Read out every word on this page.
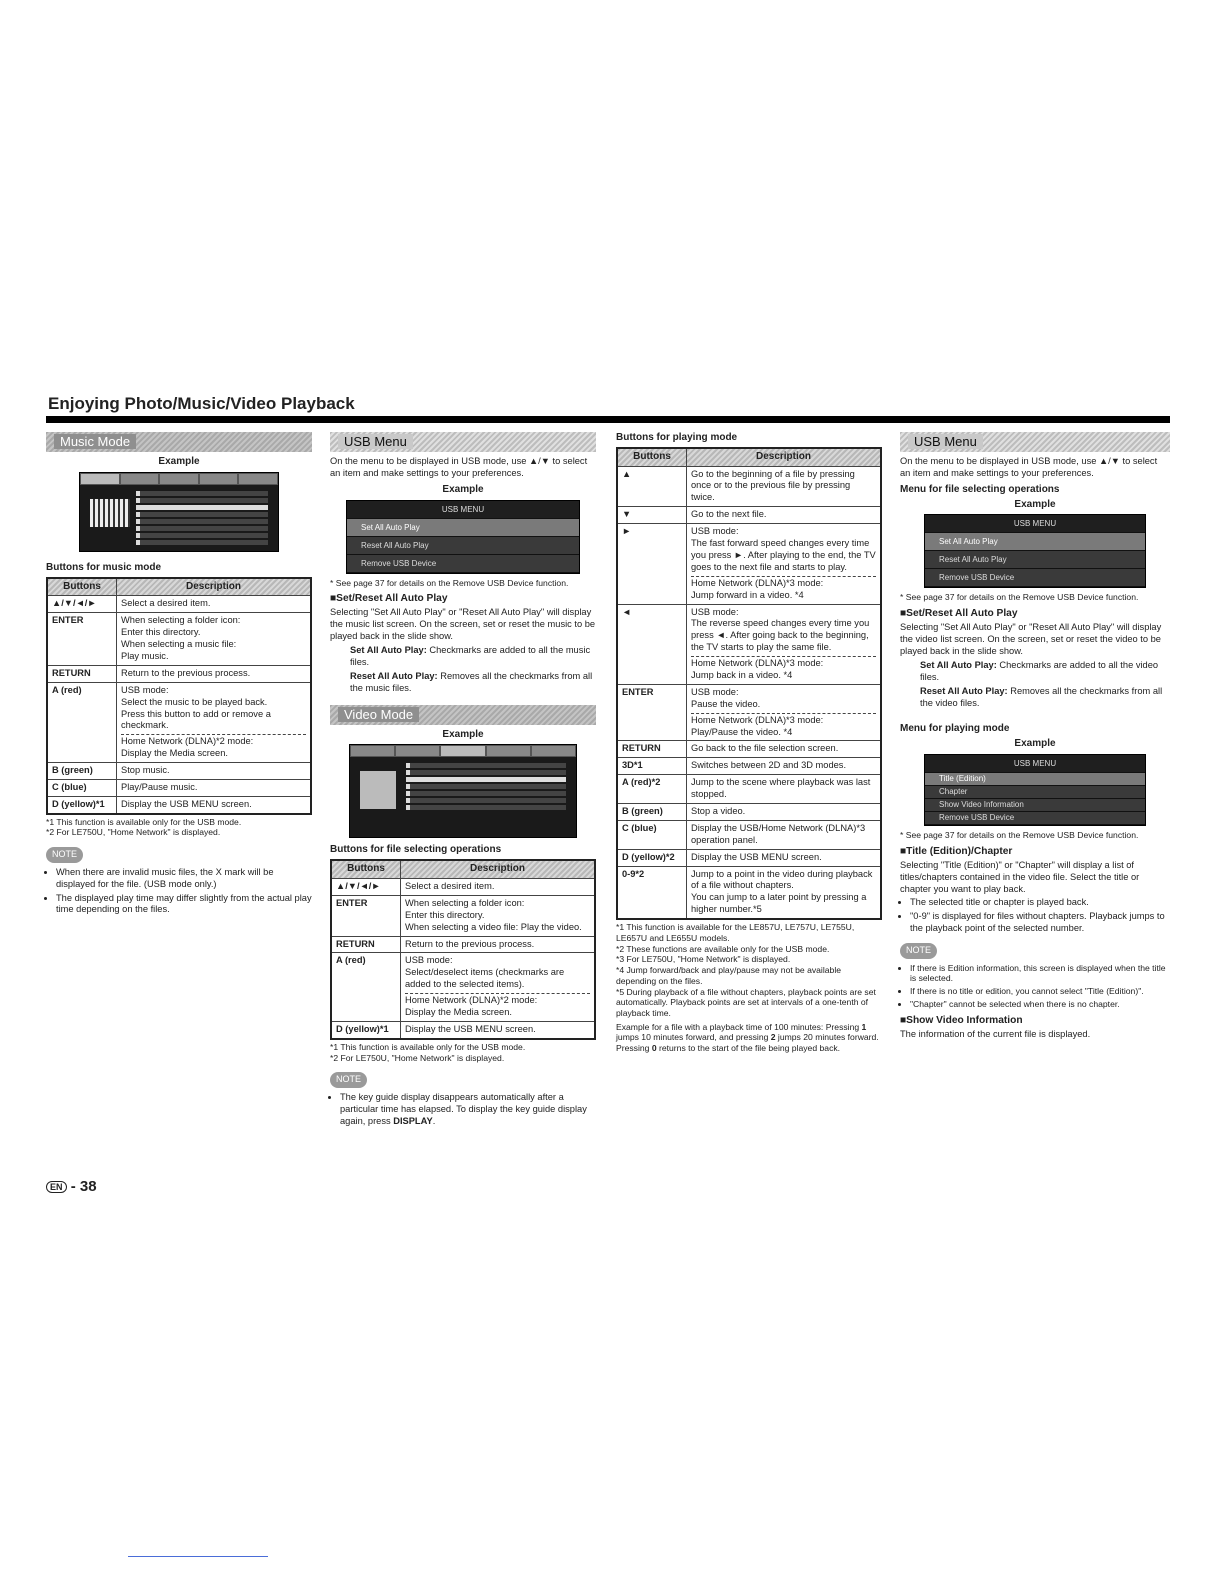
Enjoying Photo/Music/Video Playback
Music Mode
Example
Buttons for music mode
Buttons	Description
▲/▼/◄/►	Select a desired item.

ENTER	When selecting a folder icon:
Enter this directory.
When selecting a music file:
Play music.

RETURN	Return to the previous process.

A (red)	USB mode:
Select the music to be played back.
Press this button to add or remove a checkmark.
Home Network (DLNA)*2 mode:
Display the Media screen.

B (green)	Stop music.

C (blue)	Play/Pause music.

D (yellow)*1	Display the USB MENU screen.
*1 This function is available only for the USB mode.
*2 For LE750U, "Home Network" is displayed.
NOTE
• When there are invalid music files, the X mark will be displayed for the file. (USB mode only.)
• The displayed play time may differ slightly from the actual play time depending on the files.
USB Menu

On the menu to be displayed in USB mode, use ▲/▼ to select an item and make settings to your preferences.

Example
USB MENU
Set All Auto Play
Reset All Auto Play
Remove USB Device
* See page 37 for details on the Remove USB Device function.
■ Set/Reset All Auto Play

Selecting "Set All Auto Play" or "Reset All Auto Play" will display the music list screen. On the screen, set or reset the music to be played back in the slide show.

Set All Auto Play: Checkmarks are added to all the music files.

Reset All Auto Play: Removes all the checkmarks from all the music files.

Video Mode
Example
Buttons for file selecting operations
Buttons	Description
▲/▼/◄/►	Select a desired item.

ENTER	When selecting a folder icon:
Enter this directory.
When selecting a video file: Play the video.

RETURN	Return to the previous process.

A (red)	USB mode:
Select/deselect items (checkmarks are added to the selected items).
Home Network (DLNA)*2 mode:
Display the Media screen.

D (yellow)*1	Display the USB MENU screen.
*1 This function is available only for the USB mode.
*2 For LE750U, "Home Network" is displayed.
NOTE
• The key guide display disappears automatically after a particular time has elapsed. To display the key guide display again, press DISPLAY.
Buttons for playing mode
Buttons	Description
▲	Go to the beginning of a file by pressing once or to the previous file by pressing twice.

▼	Go to the next file.

►	USB mode:
The fast forward speed changes every time you press ►. After playing to the end, the TV goes to the next file and starts to play.
Home Network (DLNA)*3 mode:
Jump forward in a video. *4

◄	USB mode:
The reverse speed changes every time you press ◄. After going back to the beginning, the TV starts to play the same file.
Home Network (DLNA)*3 mode:
Jump back in a video. *4

ENTER	USB mode:
Pause the video.
Home Network (DLNA)*3 mode:
Play/Pause the video. *4

RETURN	Go back to the file selection screen.

3D*1	Switches between 2D and 3D modes.

A (red)*2	Jump to the scene where playback was last stopped.

B (green)	Stop a video.

C (blue)	Display the USB/Home Network (DLNA)*3 operation panel.

D (yellow)*2	Display the USB MENU screen.

0-9*2	Jump to a point in the video during playback of a file without chapters.
You can jump to a later point by pressing a higher number.*5
*1 This function is available for the LE857U, LE757U, LE755U, LE657U and LE655U models.
*2 These functions are available only for the USB mode.
*3 For LE750U, "Home Network" is displayed.
*4 Jump forward/back and play/pause may not be available depending on the files.
*5 During playback of a file without chapters, playback points are set automatically. Playback points are set at intervals of a one-tenth of playback time.

Example for a file with a playback time of 100 minutes: Pressing 1 jumps 10 minutes forward, and pressing 2 jumps 20 minutes forward. Pressing 0 returns to the start of the file being played back.

USB Menu

On the menu to be displayed in USB mode, use ▲/▼ to select an item and make settings to your preferences.

Menu for file selecting operations
Example
USB MENU
Set All Auto Play
Reset All Auto Play
Remove USB Device
* See page 37 for details on the Remove USB Device function.
■ Set/Reset All Auto Play

Selecting "Set All Auto Play" or "Reset All Auto Play" will display the video list screen. On the screen, set or reset the video to be played back in the slide show.

Set All Auto Play: Checkmarks are added to all the video files.

Reset All Auto Play: Removes all the checkmarks from all the video files.

Menu for playing mode
Example
USB MENU
Title (Edition)
Chapter
Show Video Information
Remove USB Device
* See page 37 for details on the Remove USB Device function.
■ Title (Edition)/Chapter

Selecting "Title (Edition)" or "Chapter" will display a list of titles/chapters contained in the video file. Select the title or chapter you want to play back.

• The selected title or chapter is played back.
• "0-9" is displayed for files without chapters. Playback jumps to the playback point of the selected number.
NOTE
• If there is Edition information, this screen is displayed when the title is selected.
• If there is no title or edition, you cannot select "Title (Edition)".
• "Chapter" cannot be selected when there is no chapter.
■ Show Video Information

The information of the current file is displayed.

EN - 38
